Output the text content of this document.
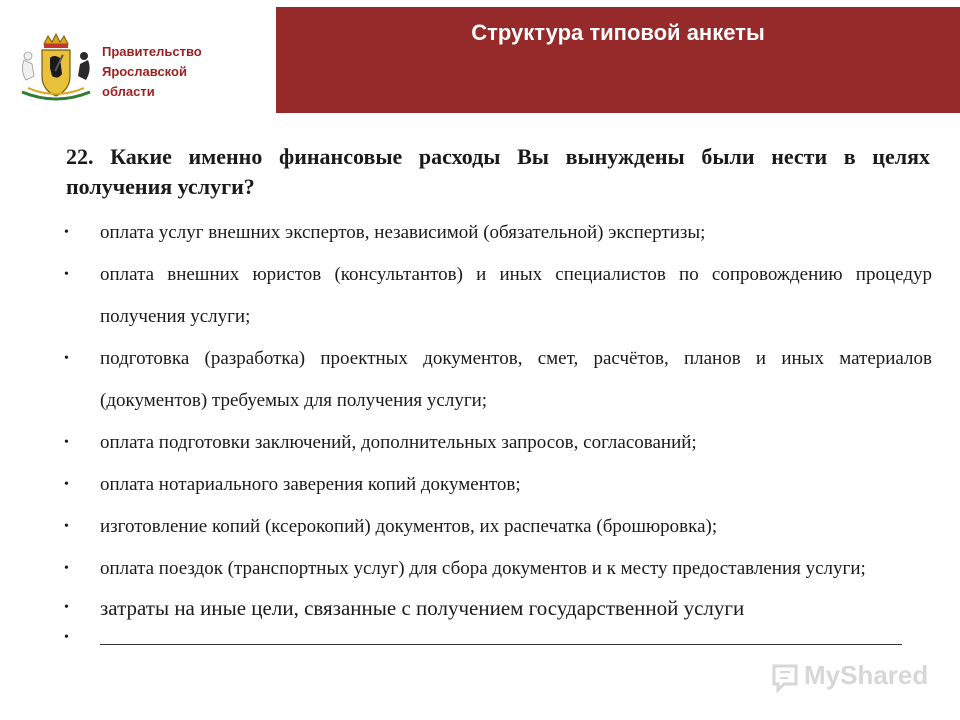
Правительство
Ярославской
области
Структура типовой анкеты

22. Какие именно финансовые расходы Вы вынуждены были нести в целях получения услуги?

• оплата услуг внешних экспертов, независимой (обязательной) экспертизы;
• оплата внешних юристов (консультантов) и иных специалистов по сопровождению процедур получения услуги;
• подготовка (разработка) проектных документов, смет, расчётов, планов и иных материалов (документов) требуемых для получения услуги;
• оплата подготовки заключений, дополнительных запросов, согласований;
• оплата нотариального заверения копий документов;
• изготовление копий (ксерокопий) документов, их распечатка (брошюровка);
• оплата поездок (транспортных услуг) для сбора документов и к месту предоставления услуги;
• затраты на иные цели, связанные с получением государственной услуги
•
MyShared
